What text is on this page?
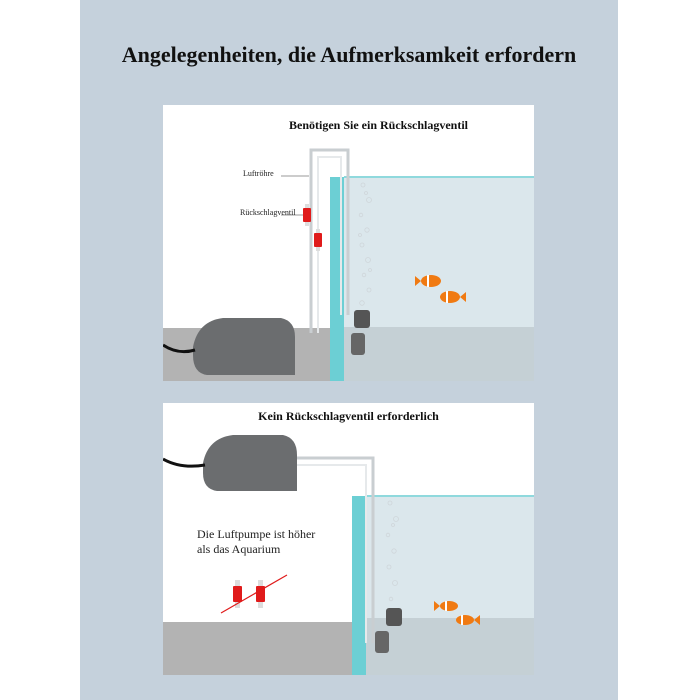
Angelegenheiten, die Aufmerksamkeit erfordern
Benötigen Sie ein Rückschlagventil
Luftröhre
Rückschlagventil
Kein Rückschlagventil erforderlich
Die Luftpumpe ist höher
als das Aquarium
